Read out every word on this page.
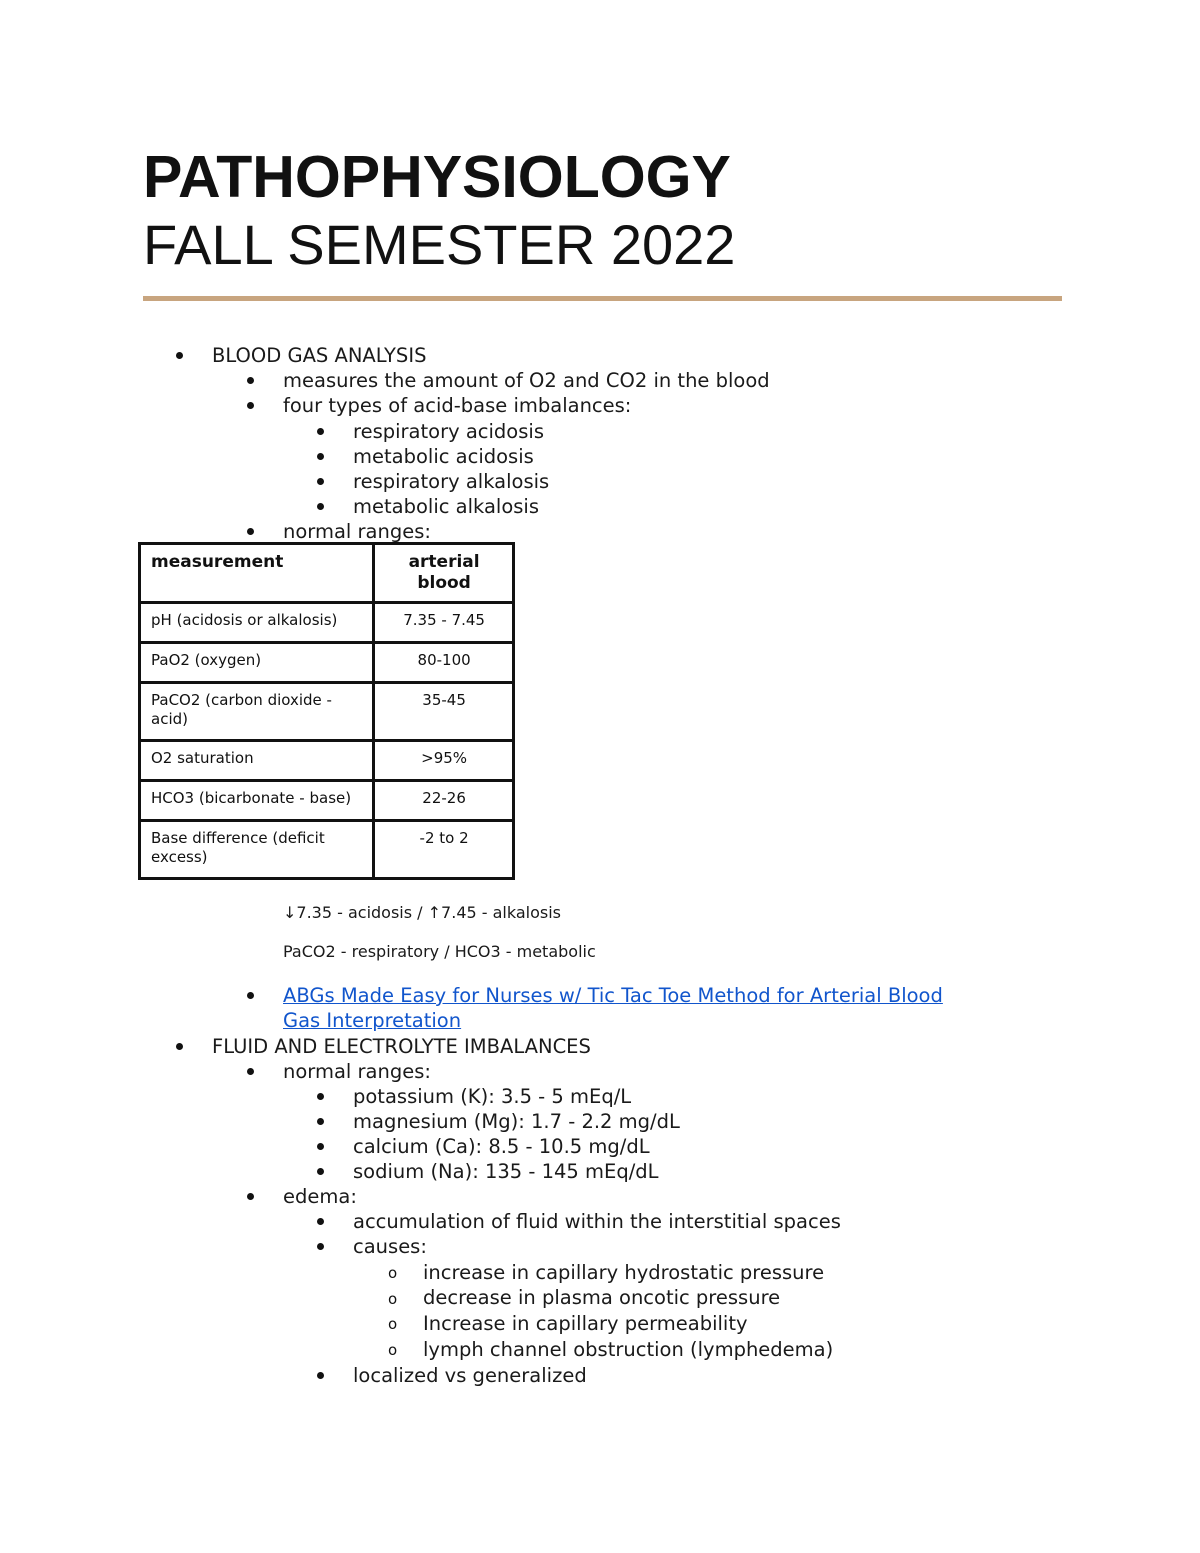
PATHOPHYSIOLOGY
FALL SEMESTER 2022
BLOOD GAS ANALYSIS
measures the amount of O2 and CO2 in the blood
four types of acid-base imbalances:
respiratory acidosis
metabolic acidosis
respiratory alkalosis
metabolic alkalosis
normal ranges:
measurement	arterial blood
pH (acidosis or alkalosis)	7.35 - 7.45
PaO2 (oxygen)	80-100
PaCO2 (carbon dioxide - acid)	35-45
O2 saturation	>95%
HCO3 (bicarbonate - base)	22-26
Base difference (deficit excess)	-2 to 2
↓7.35 - acidosis / ↑7.45 - alkalosis
PaCO2 - respiratory / HCO3 - metabolic
ABGs Made Easy for Nurses w/ Tic Tac Toe Method for Arterial Blood
Gas Interpretation
FLUID AND ELECTROLYTE IMBALANCES
normal ranges:
potassium (K): 3.5 - 5 mEq/L
magnesium (Mg): 1.7 - 2.2 mg/dL
calcium (Ca): 8.5 - 10.5 mg/dL
sodium (Na): 135 - 145 mEq/dL
edema:
accumulation of fluid within the interstitial spaces
causes:
o increase in capillary hydrostatic pressure
o decrease in plasma oncotic pressure
o Increase in capillary permeability
o lymph channel obstruction (lymphedema)
localized vs generalized
